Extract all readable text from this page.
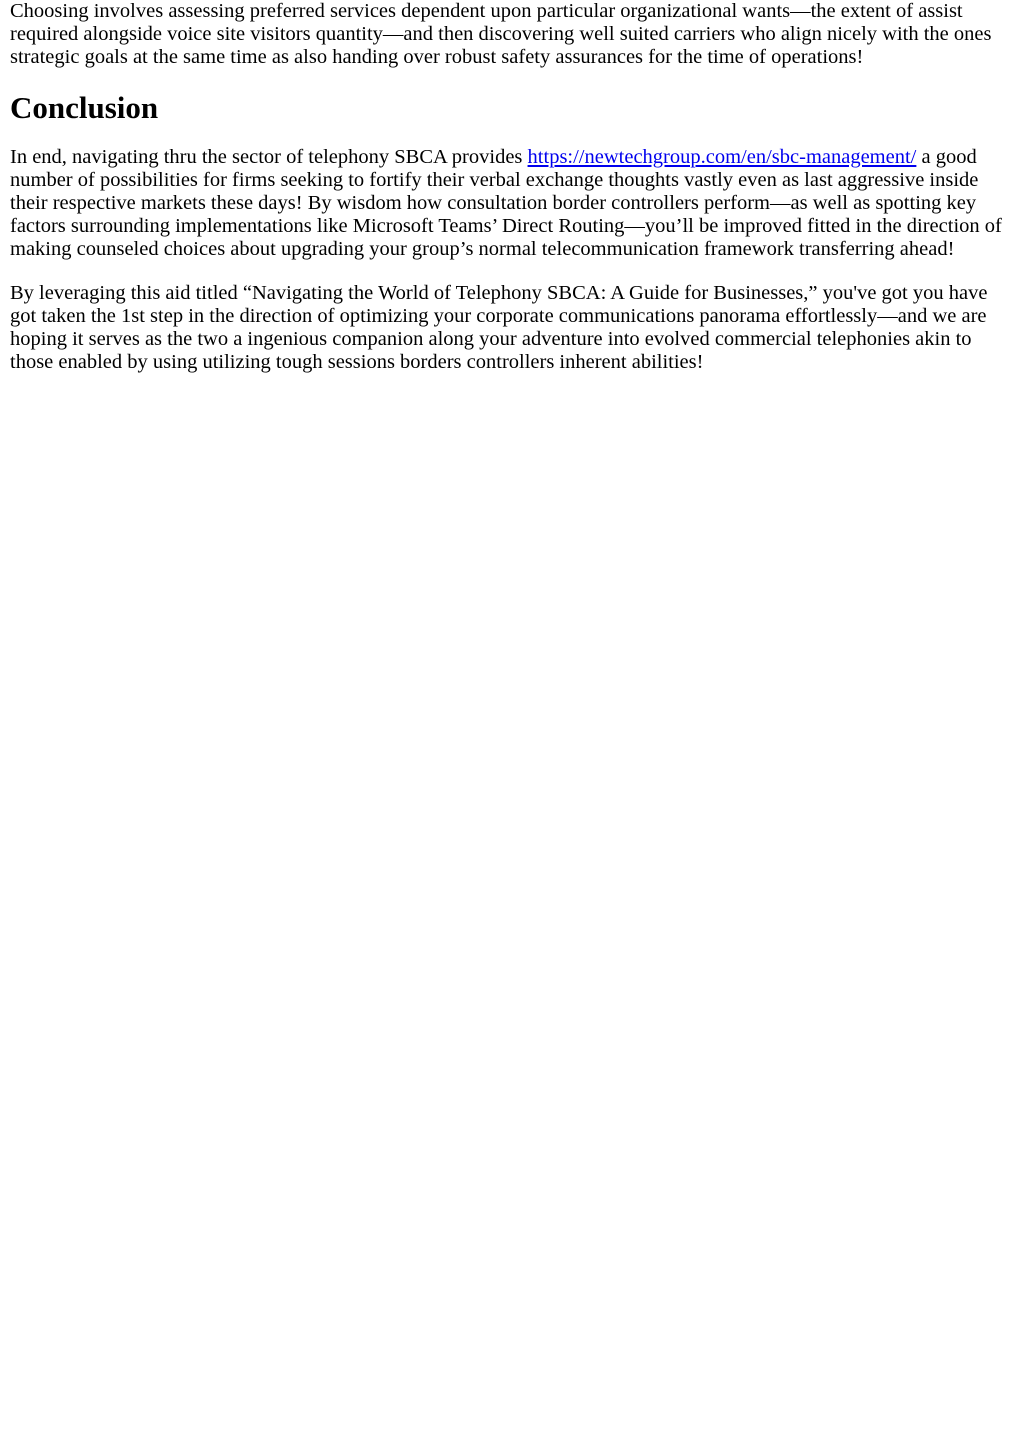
Choosing involves assessing preferred services dependent upon particular organizational wants—the extent of assist required alongside voice site visitors quantity—and then discovering well suited carriers who align nicely with the ones strategic goals at the same time as also handing over robust safety assurances for the time of operations!

Conclusion

In end, navigating thru the sector of telephony SBCA provides https://newtechgroup.com/en/sbc-management/ a good number of possibilities for firms seeking to fortify their verbal exchange thoughts vastly even as last aggressive inside their respective markets these days! By wisdom how consultation border controllers perform—as well as spotting key factors surrounding implementations like Microsoft Teams’ Direct Routing—you’ll be improved fitted in the direction of making counseled choices about upgrading your group’s normal telecommunication framework transferring ahead!

By leveraging this aid titled “Navigating the World of Telephony SBCA: A Guide for Businesses,” you've got you have got taken the 1st step in the direction of optimizing your corporate communications panorama effortlessly—and we are hoping it serves as the two a ingenious companion along your adventure into evolved commercial telephonies akin to those enabled by using utilizing tough sessions borders controllers inherent abilities!
